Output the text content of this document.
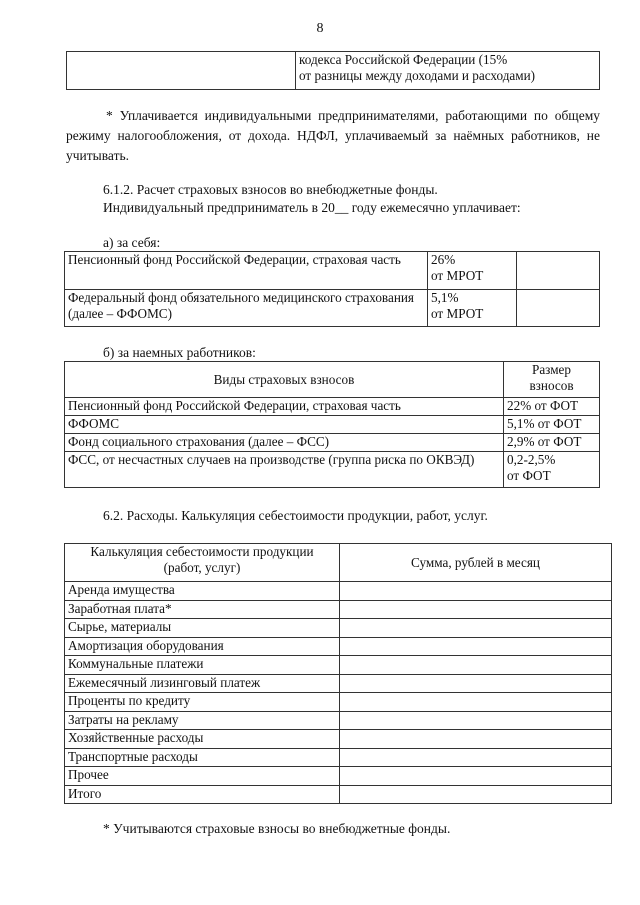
8

кодекса Российской Федерации (15%
от разницы между доходами и расходами)

* Уплачивается индивидуальными предпринимателями, работающими по общему режиму налогообложения, от дохода. НДФЛ, уплачиваемый за наёмных работников, не учитывать.

6.1.2. Расчет страховых взносов во внебюджетные фонды.
Индивидуальный предприниматель в 20__ году ежемесячно уплачивает:
а) за себя:
Пенсионный фонд Российской Федерации, страховая часть	26%
от МРОТ	

Федеральный фонд обязательного медицинского страхования (далее – ФФОМС)	5,1%
от МРОТ	

б) за наемных работников:
Виды страховых взносов	Размер
взносов

Пенсионный фонд Российской Федерации, страховая часть	22% от ФОТ
ФФОМС	5,1% от ФОТ
Фонд социального страхования (далее – ФСС)	2,9% от ФОТ
ФСС, от несчастных случаев на производстве (группа риска по ОКВЭД)	0,2-2,5%
от ФОТ
6.2. Расходы. Калькуляция себестоимости продукции, работ, услуг.
Калькуляция себестоимости продукции
(работ, услуг)	Сумма, рублей в месяц
Аренда имущества	
Заработная плата*	
Сырье, материалы	
Амортизация оборудования	
Коммунальные платежи	
Ежемесячный лизинговый платеж	
Проценты по кредиту	
Затраты на рекламу	
Хозяйственные расходы	
Транспортные расходы	
Прочее	
Итого	
* Учитываются страховые взносы во внебюджетные фонды.
